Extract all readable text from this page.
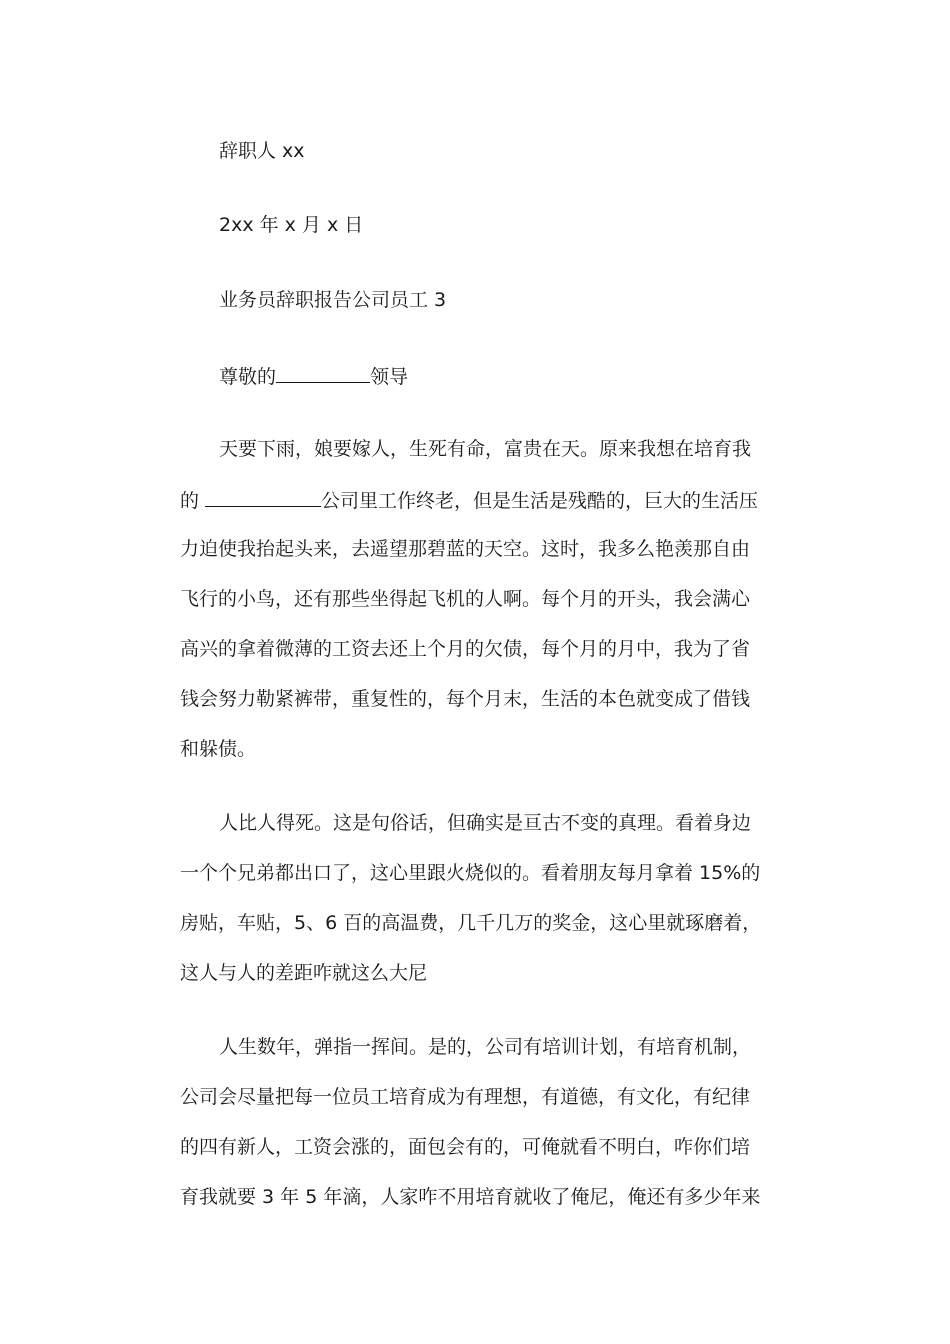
辞职人 xx
2xx 年 x 月 x 日
业务员辞职报告公司员工 3
尊敬的	领导
天要下雨，娘要嫁人，生死有命，富贵在天。原来我想在培育我
的	公司里工作终老，但是生活是残酷的，巨大的生活压
力迫使我抬起头来，去遥望那碧蓝的天空。这时，我多么艳羡那自由
飞行的小鸟，还有那些坐得起飞机的人啊。每个月的开头，我会满心
高兴的拿着微薄的工资去还上个月的欠债，每个月的月中，我为了省
钱会努力勒紧裤带，重复性的，每个月末，生活的本色就变成了借钱
和躲债。
人比人得死。这是句俗话，但确实是亘古不变的真理。看着身边
一个个兄弟都出口了，这心里跟火烧似的。看着朋友每月拿着 15%的
房贴，车贴，5、6 百的高温费，几千几万的奖金，这心里就琢磨着，
这人与人的差距咋就这么大尼
人生数年，弹指一挥间。是的，公司有培训计划，有培育机制，
公司会尽量把每一位员工培育成为有理想，有道德，有文化，有纪律
的四有新人，工资会涨的，面包会有的，可俺就看不明白，咋你们培
育我就要 3 年 5 年滴，人家咋不用培育就收了俺尼，俺还有多少年来
